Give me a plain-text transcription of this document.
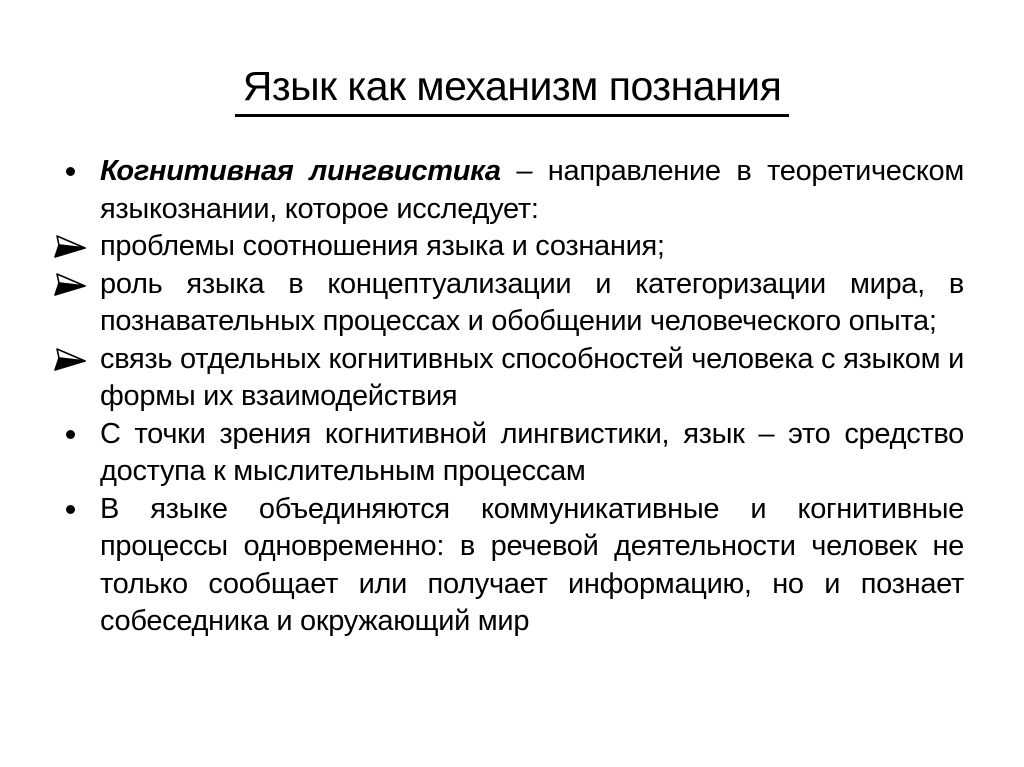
Язык как механизм познания
Когнитивная лингвистика – направление в теоретическом языкознании, которое исследует:
проблемы соотношения языка и сознания;
роль языка в концептуализации и категоризации мира, в познавательных процессах и обобщении человеческого опыта;
связь отдельных когнитивных способностей человека с языком и формы их взаимодействия
С точки зрения когнитивной лингвистики, язык – это средство доступа к мыслительным процессам
В языке объединяются коммуникативные и когнитивные процессы одновременно: в речевой деятельности человек не только сообщает или получает информацию, но и познает собеседника и окружающий мир
